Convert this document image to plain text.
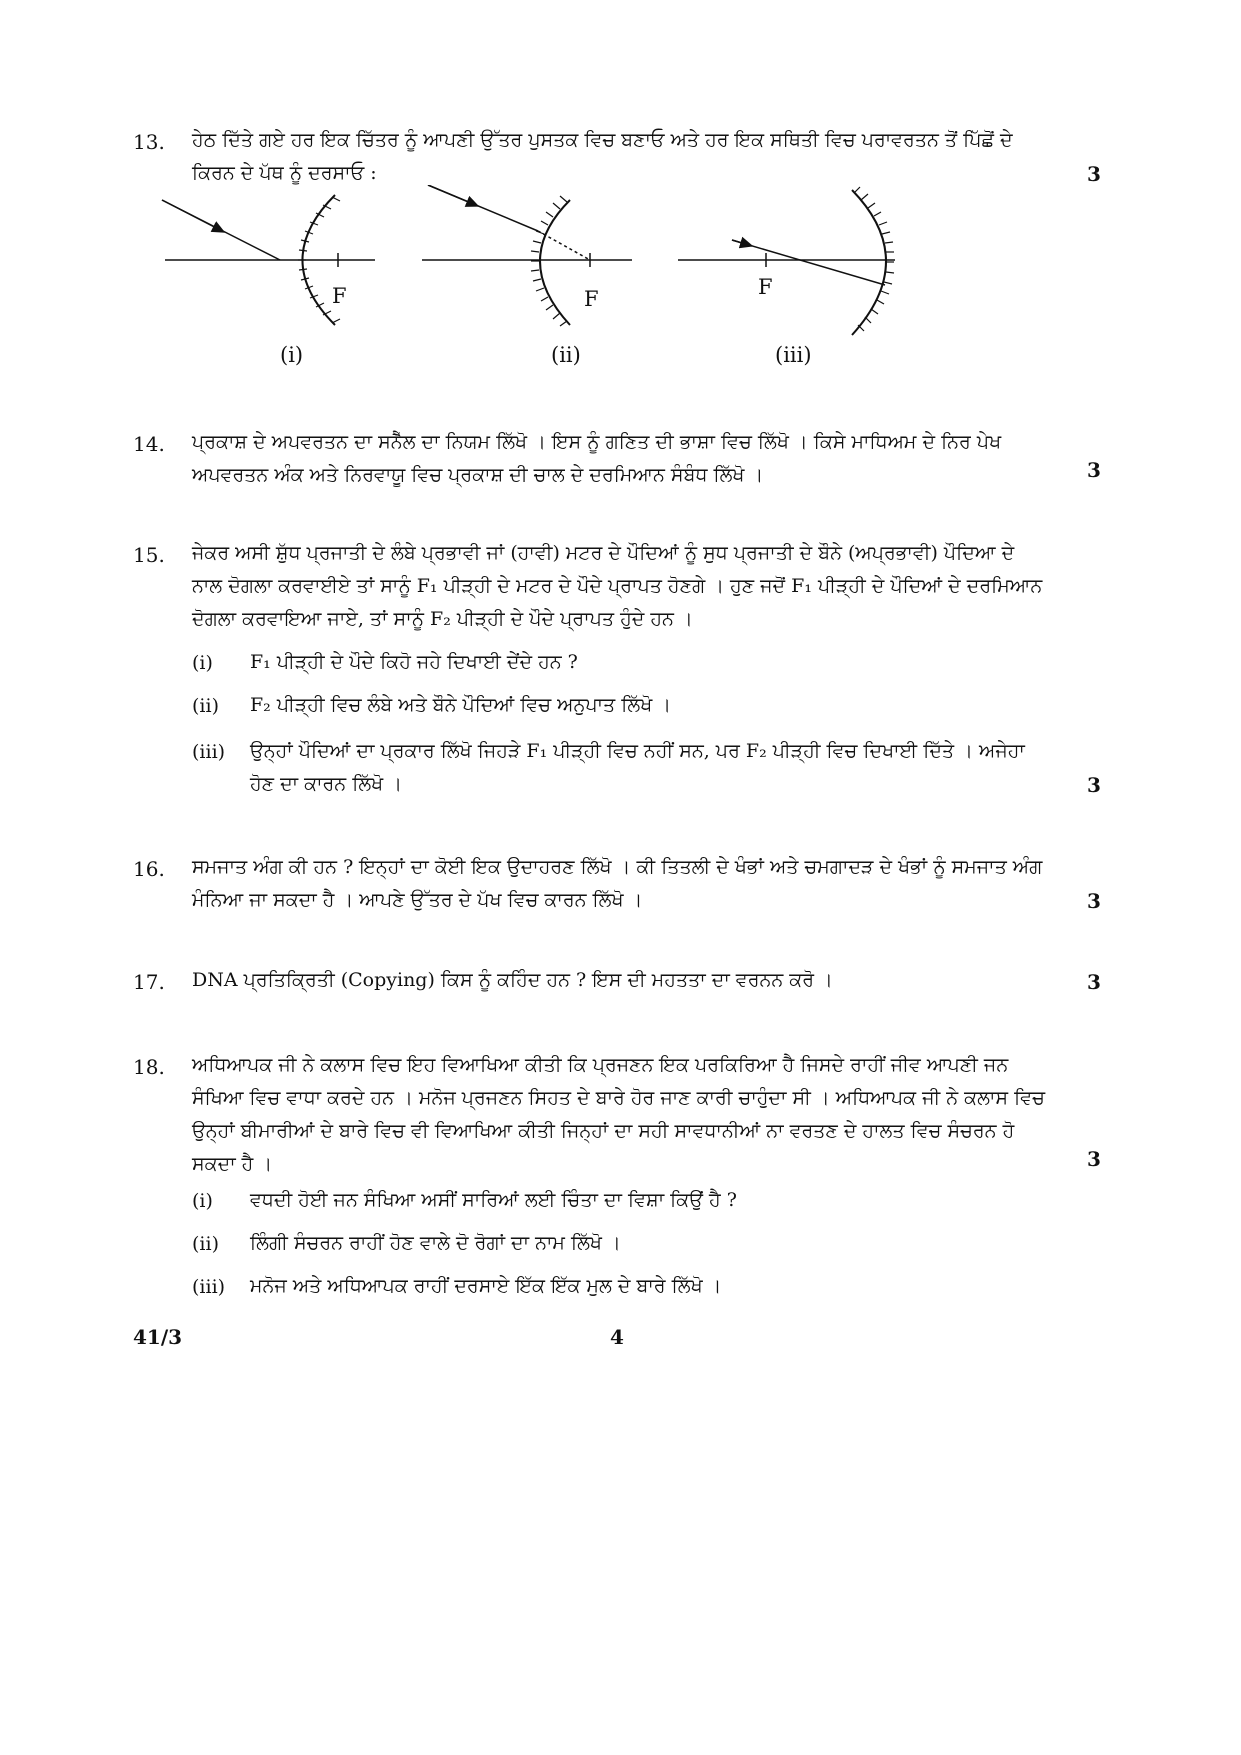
13. ਹੇਠ ਦਿੱਤੇ ਗਏ ਹਰ ਇਕ ਚਿੱਤਰ ਨੂੰ ਆਪਣੀ ਉੱਤਰ ਪੁਸਤਕ ਵਿਚ ਬਣਾਓ ਅਤੇ ਹਰ ਇਕ ਸਥਿਤੀ ਵਿਚ ਪਰਾਵਰਤਨ ਤੋਂ ਪਿੱਛੋਂ ਦੇ ਕਿਰਨ ਦੇ ਪੱਥ ਨੂੰ ਦਰਸਾਓ :	3
F	F	F
(i)	(ii)	(iii)
14. ਪ੍ਰਕਾਸ਼ ਦੇ ਅਪਵਰਤਨ ਦਾ ਸਨੈੱਲ ਦਾ ਨਿਯਮ ਲਿੱਖੋ । ਇਸ ਨੂੰ ਗਣਿਤ ਦੀ ਭਾਸ਼ਾ ਵਿਚ ਲਿੱਖੋ । ਕਿਸੇ ਮਾਧਿਅਮ ਦੇ ਨਿਰ ਪੇਖ ਅਪਵਰਤਨ ਅੰਕ ਅਤੇ ਨਿਰਵਾਯੂ ਵਿਚ ਪ੍ਰਕਾਸ਼ ਦੀ ਚਾਲ ਦੇ ਦਰਮਿਆਨ ਸੰਬੰਧ ਲਿੱਖੋ ।	3
15. ਜੇਕਰ ਅਸੀ ਸ਼ੁੱਧ ਪ੍ਰਜਾਤੀ ਦੇ ਲੰਬੇ ਪ੍ਰਭਾਵੀ ਜਾਂ (ਹਾਵੀ) ਮਟਰ ਦੇ ਪੌਦਿਆਂ ਨੂੰ ਸੁਧ ਪ੍ਰਜਾਤੀ ਦੇ ਬੌਨੇ (ਅਪ੍ਰਭਾਵੀ) ਪੌਦਿਆ ਦੇ ਨਾਲ ਦੋਗਲਾ ਕਰਵਾਈਏ ਤਾਂ ਸਾਨੂੰ F₁ ਪੀੜ੍ਹੀ ਦੇ ਮਟਰ ਦੇ ਪੌਦੇ ਪ੍ਰਾਪਤ ਹੋਣਗੇ । ਹੁਣ ਜਦੋਂ F₁ ਪੀੜ੍ਹੀ ਦੇ ਪੌਦਿਆਂ ਦੇ ਦਰਮਿਆਨ ਦੋਗਲਾ ਕਰਵਾਇਆ ਜਾਏ, ਤਾਂ ਸਾਨੂੰ F₂ ਪੀੜ੍ਹੀ ਦੇ ਪੌਦੇ ਪ੍ਰਾਪਤ ਹੁੰਦੇ ਹਨ ।
(i) F₁ ਪੀੜ੍ਹੀ ਦੇ ਪੌਦੇ ਕਿਹੋ ਜਹੇ ਦਿਖਾਈ ਦੇਂਦੇ ਹਨ ?
(ii) F₂ ਪੀੜ੍ਹੀ ਵਿਚ ਲੰਬੇ ਅਤੇ ਬੌਨੇ ਪੌਦਿਆਂ ਵਿਚ ਅਨੁਪਾਤ ਲਿੱਖੋ ।
(iii) ਉਨ੍ਹਾਂ ਪੌਦਿਆਂ ਦਾ ਪ੍ਰਕਾਰ ਲਿੱਖੋ ਜਿਹੜੇ F₁ ਪੀੜ੍ਹੀ ਵਿਚ ਨਹੀਂ ਸਨ, ਪਰ F₂ ਪੀੜ੍ਹੀ ਵਿਚ ਦਿਖਾਈ ਦਿੱਤੇ । ਅਜੇਹਾ ਹੋਣ ਦਾ ਕਾਰਨ ਲਿੱਖੋ ।	3
16. ਸਮਜਾਤ ਅੰਗ ਕੀ ਹਨ ? ਇਨ੍ਹਾਂ ਦਾ ਕੋਈ ਇਕ ਉਦਾਹਰਣ ਲਿੱਖੋ । ਕੀ ਤਿਤਲੀ ਦੇ ਖੰਭਾਂ ਅਤੇ ਚਮਗਾਦੜ ਦੇ ਖੰਭਾਂ ਨੂੰ ਸਮਜਾਤ ਅੰਗ ਮੰਨਿਆ ਜਾ ਸਕਦਾ ਹੈ । ਆਪਣੇ ਉੱਤਰ ਦੇ ਪੱਖ ਵਿਚ ਕਾਰਨ ਲਿੱਖੋ ।	3
17. DNA ਪ੍ਰਤਿਕ੍ਰਿਤੀ (Copying) ਕਿਸ ਨੂੰ ਕਹਿੰਦ ਹਨ ? ਇਸ ਦੀ ਮਹਤਤਾ ਦਾ ਵਰਨਨ ਕਰੋ ।	3
18. ਅਧਿਆਪਕ ਜੀ ਨੇ ਕਲਾਸ ਵਿਚ ਇਹ ਵਿਆਖਿਆ ਕੀਤੀ ਕਿ ਪ੍ਰਜਣਨ ਇਕ ਪਰਕਿਰਿਆ ਹੈ ਜਿਸਦੇ ਰਾਹੀਂ ਜੀਵ ਆਪਣੀ ਜਨ ਸੰਖਿਆ ਵਿਚ ਵਾਧਾ ਕਰਦੇ ਹਨ । ਮਨੋਜ ਪ੍ਰਜਣਨ ਸਿਹਤ ਦੇ ਬਾਰੇ ਹੋਰ ਜਾਣ ਕਾਰੀ ਚਾਹੁੰਦਾ ਸੀ । ਅਧਿਆਪਕ ਜੀ ਨੇ ਕਲਾਸ ਵਿਚ ਉਨ੍ਹਾਂ ਬੀਮਾਰੀਆਂ ਦੇ ਬਾਰੇ ਵਿਚ ਵੀ ਵਿਆਖਿਆ ਕੀਤੀ ਜਿਨ੍ਹਾਂ ਦਾ ਸਹੀ ਸਾਵਧਾਨੀਆਂ ਨਾ ਵਰਤਣ ਦੇ ਹਾਲਤ ਵਿਚ ਸੰਚਰਨ ਹੋ ਸਕਦਾ ਹੈ ।	3
(i) ਵਧਦੀ ਹੋਈ ਜਨ ਸੰਖਿਆ ਅਸੀਂ ਸਾਰਿਆਂ ਲਈ ਚਿੰਤਾ ਦਾ ਵਿਸ਼ਾ ਕਿਉਂ ਹੈ ?
(ii) ਲਿੰਗੀ ਸੰਚਰਨ ਰਾਹੀਂ ਹੋਣ ਵਾਲੇ ਦੋ ਰੋਗਾਂ ਦਾ ਨਾਮ ਲਿੱਖੋ ।
(iii) ਮਨੋਜ ਅਤੇ ਅਧਿਆਪਕ ਰਾਹੀਂ ਦਰਸਾਏ ਇੱਕ ਇੱਕ ਮੁਲ ਦੇ ਬਾਰੇ ਲਿੱਖੋ ।
41/3	4
